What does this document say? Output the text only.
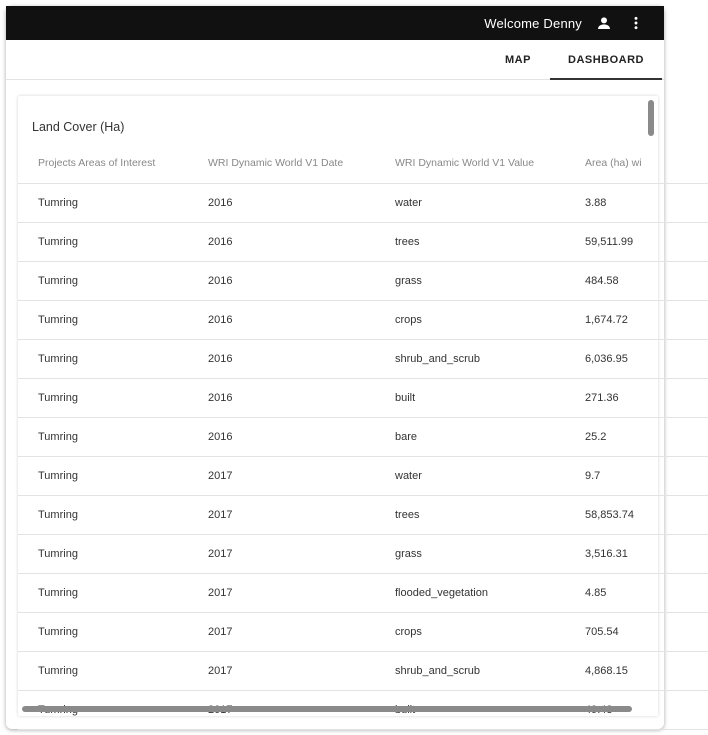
Welcome Denny
MAP	DASHBOARD
Land Cover (Ha)
Projects Areas of Interest	WRI Dynamic World V1 Date	WRI Dynamic World V1 Value	Area (ha) wi
Tumring	2016	water	3.88
Tumring	2016	trees	59,511.99
Tumring	2016	grass	484.58
Tumring	2016	crops	1,674.72
Tumring	2016	shrub_and_scrub	6,036.95
Tumring	2016	built	271.36
Tumring	2016	bare	25.2
Tumring	2017	water	9.7
Tumring	2017	trees	58,853.74
Tumring	2017	grass	3,516.31
Tumring	2017	flooded_vegetation	4.85
Tumring	2017	crops	705.54
Tumring	2017	shrub_and_scrub	4,868.15
